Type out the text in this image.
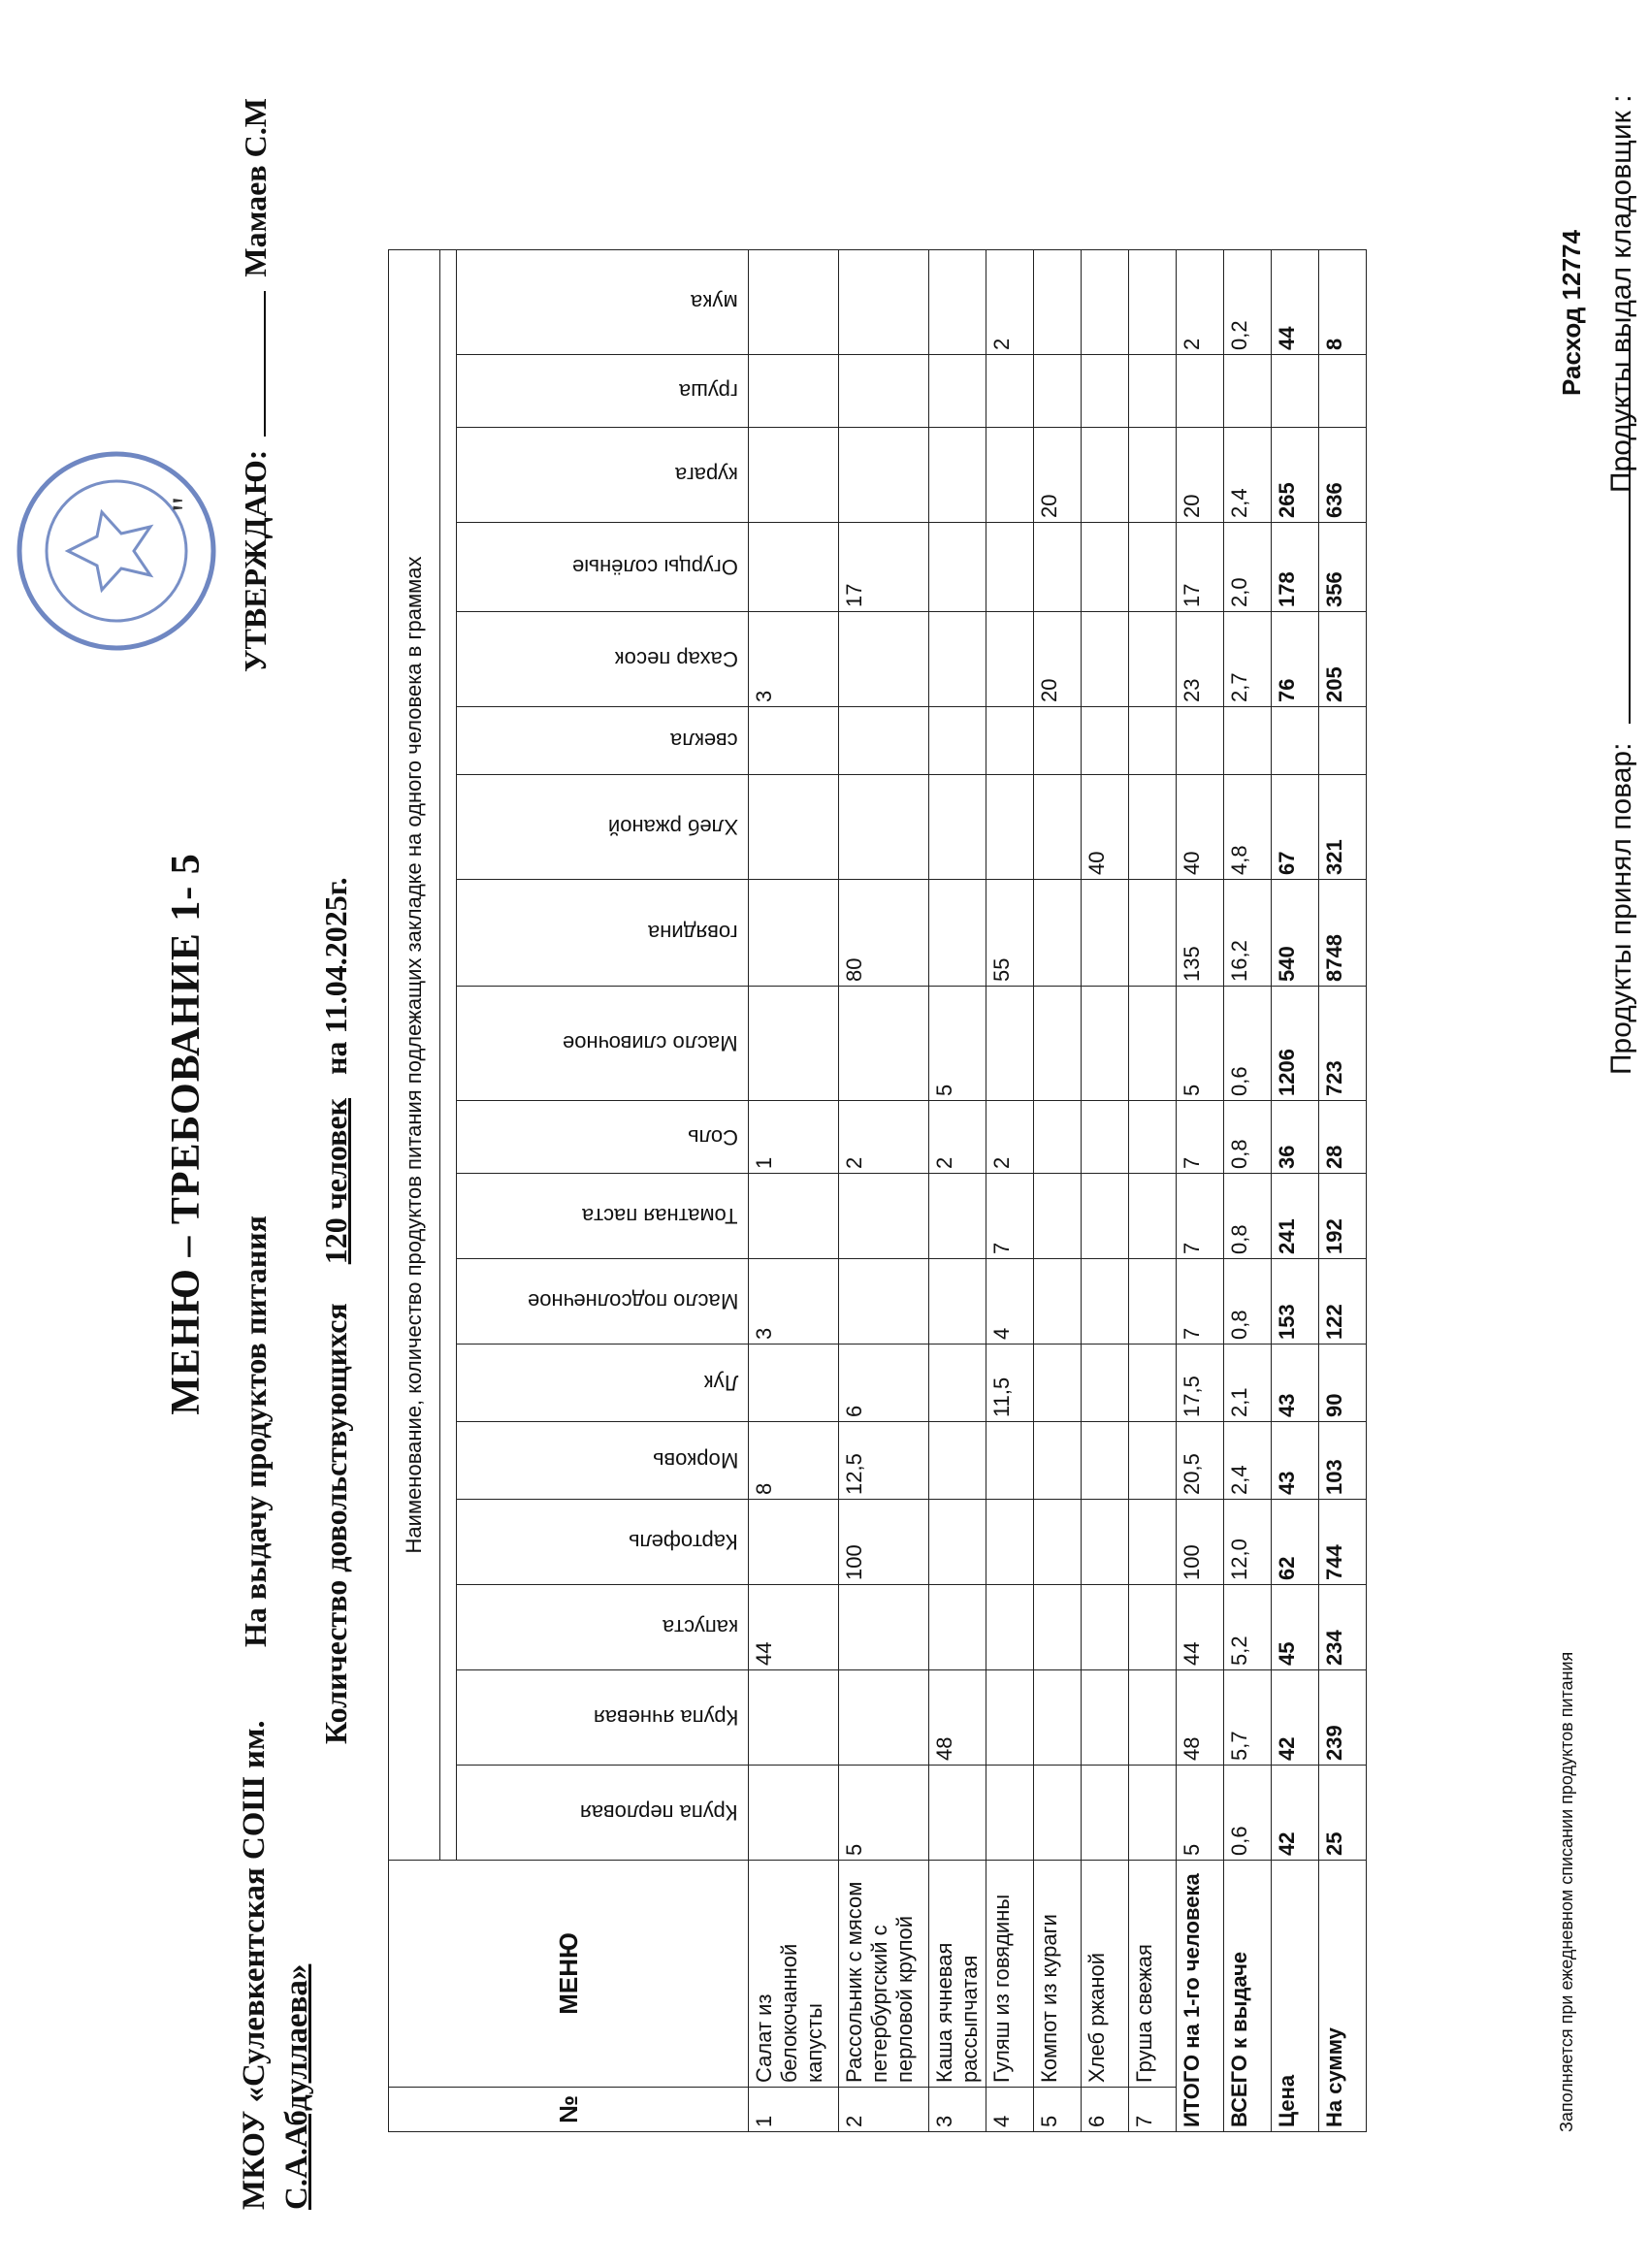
МЕНЮ – ТРЕБОВАНИЕ 1- 5
МКОУ «Сулевкентская СОШ им. С.А.Абдуллаева»
На выдачу продуктов питания
УТВЕРЖДАЮ:  Мамаев С.М
"
Количество довольствующихся     120 человек   на 11.04.2025г.
№	МЕНЮ	Наименование, количество продуктов питания подлежащих закладке на одного человека в граммах																	

		Крупа перловая	Крупа ячневая	капуста	Картофель	Морковь	Лук	Масло подсолнечное	Томатная паста	Соль	Масло сливочное	говядина	Хлеб ржаной	свекла	Сахар песок	Огурцы солёные	курага	груша	мука

1	Салат из белокочанной капусты			44		8		3		1					3				
2	Рассольник с мясом петербургский с перловой крупой	5			100	12,5	6			2		80				17			
3	Каша ячневая рассыпчатая		48							2	5								
4	Гуляш из говядины						11,5	4	7	2		55							2
5	Компот из кураги														20		20		
6	Хлеб ржаной												40						
7	Груша свежая																		
ИТОГО на 1-го человека		5	48	44	100	20,5	17,5	7	7	7	5	135	40		23	17	20		2
ВСЕГО к выдаче		0,6	5,7	5,2	12,0	2,4	2,1	0,8	0,8	0,8	0,6	16,2	4,8		2,7	2,0	2,4		0,2
Цена		42	42	45	62	43	43	153	241	36	1206	540	67		76	178	265		44
На сумму		25	239	234	744	103	90	122	192	28	723	8748	321		205	356	636		8
Заполняется при ежедневном списании продуктов питания
Расход 12774
Продукты принял повар:
Продукты выдал кладовщик :
